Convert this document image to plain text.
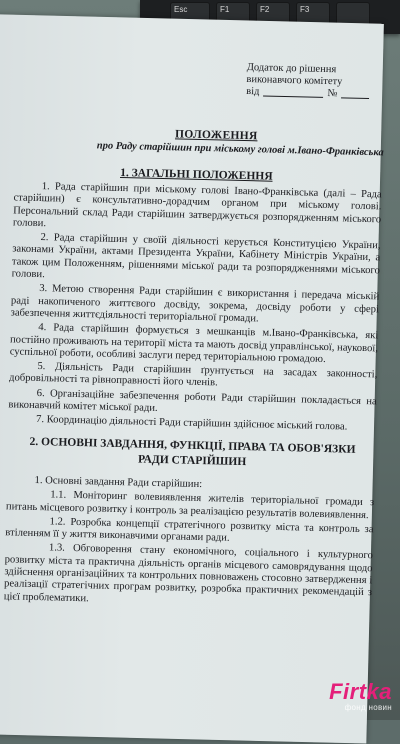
Esc	F1	F2	F3
Додаток до рішення
виконавчого комітету
від	№
ПОЛОЖЕННЯ
про Раду старійшин при міському голові м.Івано-Франківська
1. ЗАГАЛЬНІ ПОЛОЖЕННЯ

1. Рада старійшин при міському голові Івано-Франківська (далі – Рада старійшин) є консультативно-дорадчим органом при міському голові. Персональний склад Ради старійшин затверджується розпорядженням міського голови.

2. Рада старійшин у своїй діяльності керується Конституцією України, законами України, актами Президента України, Кабінету Міністрів України, а також цим Положенням, рішеннями міської ради та розпорядженнями міського голови.

3. Метою створення Ради старійшин є використання і передача міській раді накопиченого життєвого досвіду, зокрема, досвіду роботи у сфері забезпечення життєдіяльності територіальної громади.

4. Рада старійшин формується з мешканців м.Івано-Франківська, які постійно проживають на території міста та мають досвід управлінської, наукової, суспільної роботи, особливі заслуги перед територіальною громадою.

5. Діяльність Ради старійшин ґрунтується на засадах законності, добровільності та рівноправності його членів.

6. Організаційне забезпечення роботи Ради старійшин покладається на виконавчий комітет міської ради.

7. Координацію діяльності Ради старійшин здійснює міський голова.

2. ОСНОВНІ ЗАВДАННЯ, ФУНКЦІЇ, ПРАВА ТА ОБОВ'ЯЗКИ РАДИ СТАРІЙШИН

1. Основні завдання Ради старійшин:

1.1. Моніторинг волевиявлення жителів територіальної громади з питань місцевого розвитку і контроль за реалізацією результатів волевиявлення.

1.2. Розробка концепції стратегічного розвитку міста та контроль за втіленням її у життя виконавчими органами ради.

1.3. Обговорення стану економічного, соціального і культурного розвитку міста та практична діяльність органів місцевого самоврядування щодо здійснення організаційних та контрольних повноважень стосовно затвердження і реалізації стратегічних програм розвитку, розробка практичних рекомендацій з цієї проблематики.

Firtka
фонд новин
